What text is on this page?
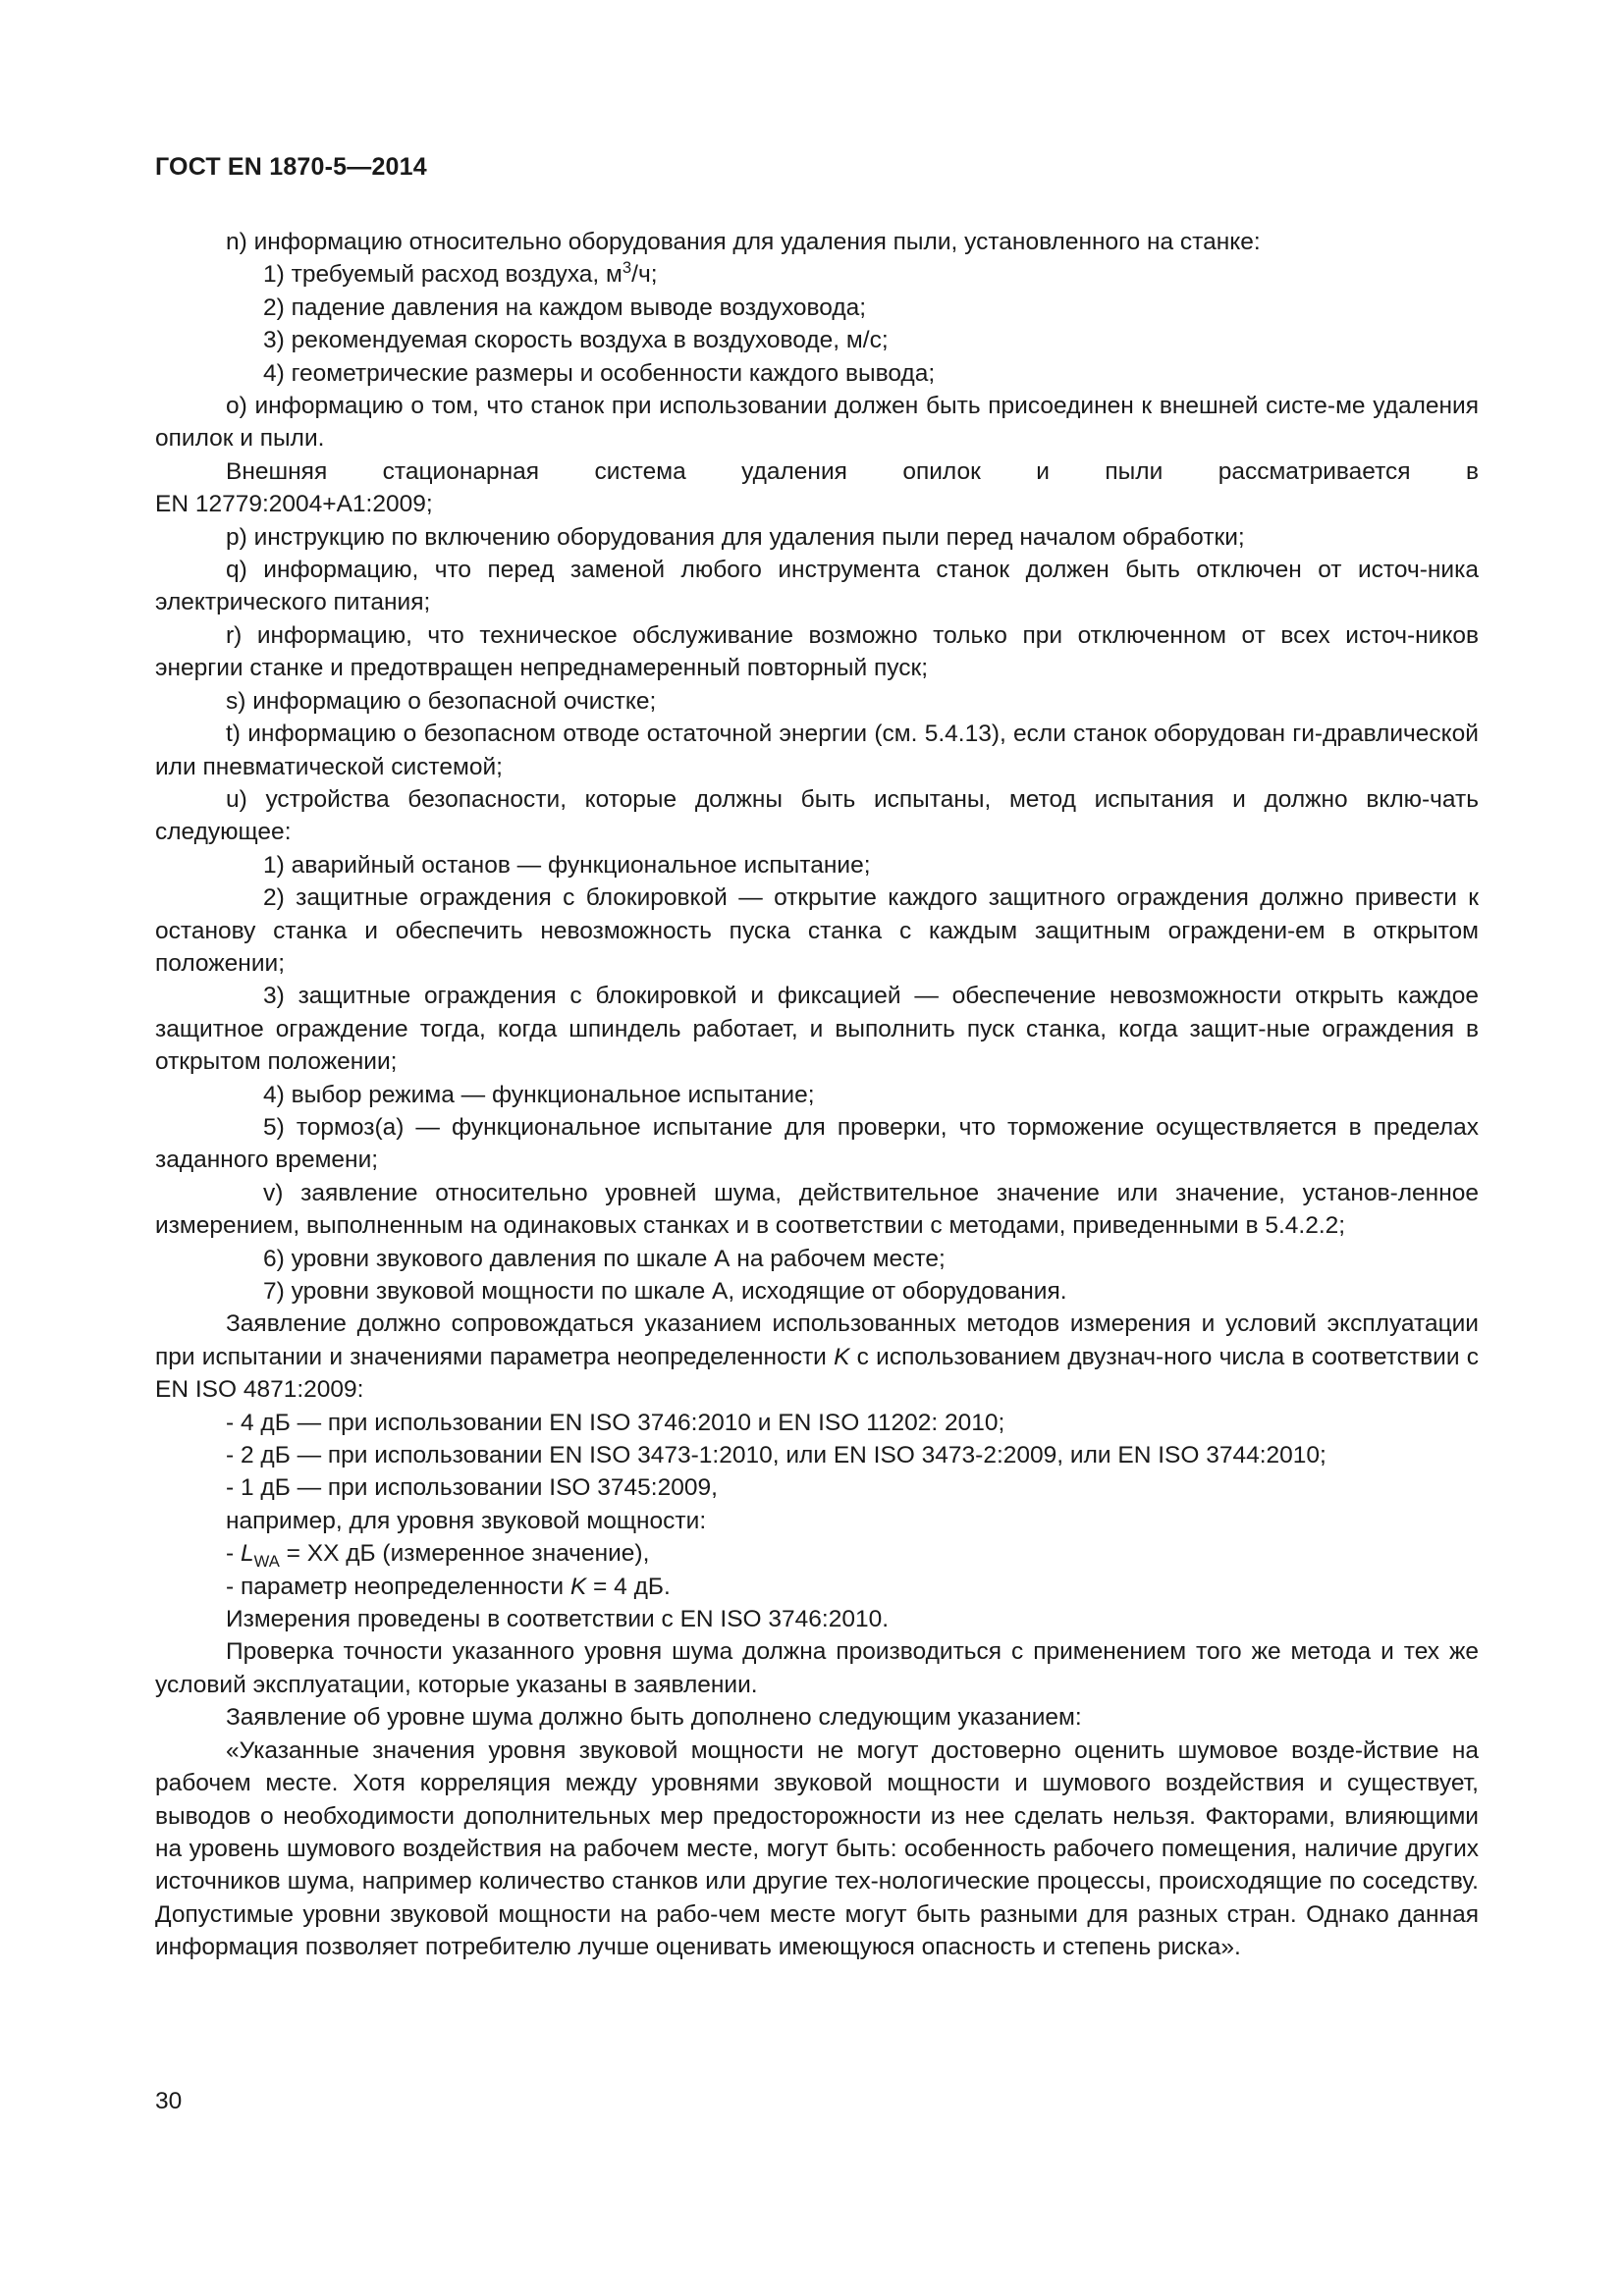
ГОСТ EN 1870-5—2014

n) информацию относительно оборудования для удаления пыли, установленного на станке:

1) требуемый расход воздуха, $м^3/ч$;

2) падение давления на каждом выводе воздуховода;

3) рекомендуемая скорость воздуха в воздуховоде, м/с;

4) геометрические размеры и особенности каждого вывода;

о) информацию о том, что станок при использовании должен быть присоединен к внешней систе-ме удаления опилок и пыли.

Внешняя стационарная система удаления опилок и пыли рассматривается в

EN 12779:2004+A1:2009;

p) инструкцию по включению оборудования для удаления пыли перед началом обработки;

q) информацию, что перед заменой любого инструмента станок должен быть отключен от источ-ника электрического питания;

r) информацию, что техническое обслуживание возможно только при отключенном от всех источ-ников энергии станке и предотвращен непреднамеренный повторный пуск;

s) информацию о безопасной очистке;

t) информацию о безопасном отводе остаточной энергии (см. 5.4.13), если станок оборудован ги-дравлической или пневматической системой;

u) устройства безопасности, которые должны быть испытаны, метод испытания и должно вклю-чать следующее:

1) аварийный останов — функциональное испытание;

2) защитные ограждения с блокировкой — открытие каждого защитного ограждения должно привести к останову станка и обеспечить невозможность пуска станка с каждым защитным ограждени-ем в открытом положении;

3) защитные ограждения с блокировкой и фиксацией — обеспечение невозможности открыть каждое защитное ограждение тогда, когда шпиндель работает, и выполнить пуск станка, когда защит-ные ограждения в открытом положении;

4) выбор режима — функциональное испытание;

5) тормоз(а) — функциональное испытание для проверки, что торможение осуществляется в пределах заданного времени;

v) заявление относительно уровней шума, действительное значение или значение, установ-ленное измерением, выполненным на одинаковых станках и в соответствии с методами, приведенными в 5.4.2.2;

6) уровни звукового давления по шкале А на рабочем месте;

7) уровни звуковой мощности по шкале А, исходящие от оборудования.

Заявление должно сопровождаться указанием использованных методов измерения и условий эксплуатации при испытании и значениями параметра неопределенности K с использованием двузнач-ного числа в соответствии с EN ISO 4871:2009:

- 4 дБ — при использовании EN ISO 3746:2010 и EN ISO 11202: 2010;

- 2 дБ — при использовании EN ISO 3473-1:2010, или EN ISO 3473-2:2009, или EN ISO 3744:2010;

- 1 дБ — при использовании ISO 3745:2009,

например, для уровня звуковой мощности:

- $L_{WA}$ = XX дБ (измеренное значение),

- параметр неопределенности K = 4 дБ.

Измерения проведены в соответствии с EN ISO 3746:2010.

Проверка точности указанного уровня шума должна производиться с применением того же метода и тех же условий эксплуатации, которые указаны в заявлении.

Заявление об уровне шума должно быть дополнено следующим указанием:

«Указанные значения уровня звуковой мощности не могут достоверно оценить шумовое возде-йствие на рабочем месте. Хотя корреляция между уровнями звуковой мощности и шумового воздействия и существует, выводов о необходимости дополнительных мер предосторожности из нее сделать нельзя. Факторами, влияющими на уровень шумового воздействия на рабочем месте, могут быть: особенность рабочего помещения, наличие других источников шума, например количество станков или другие тех-нологические процессы, происходящие по соседству. Допустимые уровни звуковой мощности на рабо-чем месте могут быть разными для разных стран. Однако данная информация позволяет потребителю лучше оценивать имеющуюся опасность и степень риска».

30
